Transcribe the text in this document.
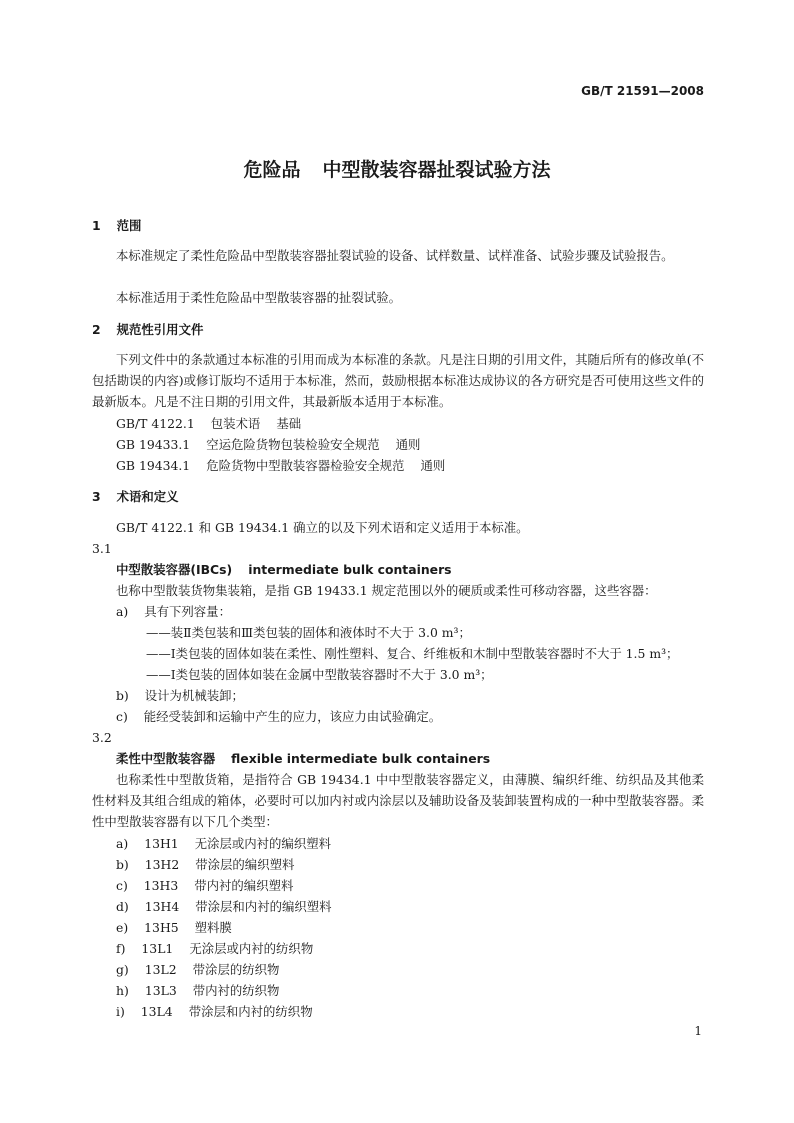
GB/T 21591—2008
危险品 中型散装容器扯裂试验方法
1 范围

本标准规定了柔性危险品中型散装容器扯裂试验的设备、试样数量、试样准备、试验步骤及试验报告。

本标准适用于柔性危险品中型散装容器的扯裂试验。

2 规范性引用文件

下列文件中的条款通过本标准的引用而成为本标准的条款。凡是注日期的引用文件，其随后所有的修改单(不包括勘误的内容)或修订版均不适用于本标准，然而，鼓励根据本标准达成协议的各方研究是否可使用这些文件的最新版本。凡是不注日期的引用文件，其最新版本适用于本标准。

GB/T 4122.1 包装术语 基础
GB 19433.1 空运危险货物包装检验安全规范 通则
GB 19434.1 危险货物中型散装容器检验安全规范 通则
3 术语和定义
GB/T 4122.1 和 GB 19434.1 确立的以及下列术语和定义适用于本标准。
3.1
中型散装容器(IBCs) intermediate bulk containers
也称中型散装货物集装箱，是指 GB 19433.1 规定范围以外的硬质或柔性可移动容器，这些容器：
a) 具有下列容量：
——装Ⅱ类包装和Ⅲ类包装的固体和液体时不大于 3.0 m³；
——Ⅰ类包装的固体如装在柔性、刚性塑料、复合、纤维板和木制中型散装容器时不大于 1.5 m³；
——Ⅰ类包装的固体如装在金属中型散装容器时不大于 3.0 m³；
b) 设计为机械装卸；
c) 能经受装卸和运输中产生的应力，该应力由试验确定。
3.2
柔性中型散装容器 flexible intermediate bulk containers

也称柔性中型散货箱，是指符合 GB 19434.1 中中型散装容器定义，由薄膜、编织纤维、纺织品及其他柔性材料及其组合组成的箱体，必要时可以加内衬或内涂层以及辅助设备及装卸装置构成的一种中型散装容器。柔性中型散装容器有以下几个类型：

a) 13H1 无涂层或内衬的编织塑料
b) 13H2 带涂层的编织塑料
c) 13H3 带内衬的编织塑料
d) 13H4 带涂层和内衬的编织塑料
e) 13H5 塑料膜
f) 13L1 无涂层或内衬的纺织物
g) 13L2 带涂层的纺织物
h) 13L3 带内衬的纺织物
i) 13L4 带涂层和内衬的纺织物
1
